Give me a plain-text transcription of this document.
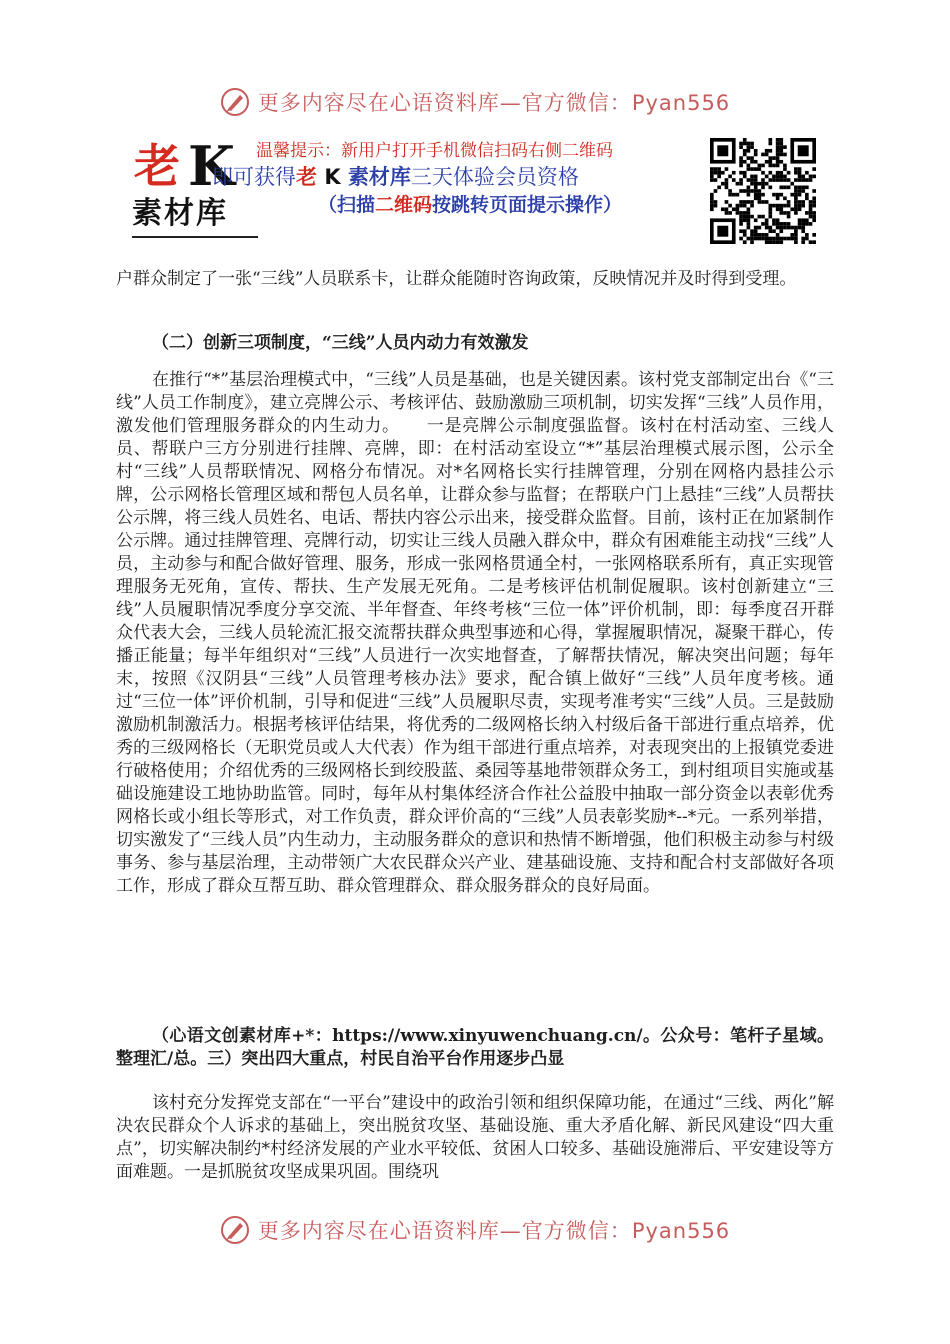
更多内容尽在心语资料库—官方微信：Pyan556
老 K
素材库
温馨提示：新用户打开手机微信扫码右侧二维码
即可获得老 K 素材库三天体验会员资格
（扫描二维码按跳转页面提示操作）
户群众制定了一张“三线”人员联系卡，让群众能随时咨询政策，反映情况并及时得到受理。
（二）创新三项制度，“三线”人员内动力有效激发
在推行“*”基层治理模式中，“三线”人员是基础，也是关键因素。该村党支部制定出台《“三线”人员工作制度》，建立亮牌公示、考核评估、鼓励激励三项机制，切实发挥“三线”人员作用，激发他们管理服务群众的内生动力。　　一是亮牌公示制度强监督。该村在村活动室、三线人员、帮联户三方分别进行挂牌、亮牌，即：在村活动室设立“*”基层治理模式展示图，公示全村“三线”人员帮联情况、网格分布情况。对*名网格长实行挂牌管理，分别在网格内悬挂公示牌，公示网格长管理区域和帮包人员名单，让群众参与监督；在帮联户门上悬挂“三线”人员帮扶公示牌，将三线人员姓名、电话、帮扶内容公示出来，接受群众监督。目前，该村正在加紧制作公示牌。通过挂牌管理、亮牌行动，切实让三线人员融入群众中，群众有困难能主动找“三线”人员，主动参与和配合做好管理、服务，形成一张网格贯通全村，一张网格联系所有，真正实现管理服务无死角，宣传、帮扶、生产发展无死角。二是考核评估机制促履职。该村创新建立“三线”人员履职情况季度分享交流、半年督查、年终考核“三位一体”评价机制，即：每季度召开群众代表大会，三线人员轮流汇报交流帮扶群众典型事迹和心得，掌握履职情况，凝聚干群心，传播正能量；每半年组织对“三线”人员进行一次实地督查，了解帮扶情况，解决突出问题；每年末，按照《汉阴县“三线”人员管理考核办法》要求，配合镇上做好“三线”人员年度考核。通过“三位一体”评价机制，引导和促进“三线”人员履职尽责，实现考准考实“三线”人员。三是鼓励激励机制激活力。根据考核评估结果，将优秀的二级网格长纳入村级后备干部进行重点培养，优秀的三级网格长（无职党员或人大代表）作为组干部进行重点培养，对表现突出的上报镇党委进行破格使用；介绍优秀的三级网格长到绞股蓝、桑园等基地带领群众务工，到村组项目实施或基础设施建设工地协助监管。同时，每年从村集体经济合作社公益股中抽取一部分资金以表彰优秀网格长或小组长等形式，对工作负责，群众评价高的“三线”人员表彰奖励*--*元。一系列举措，切实激发了“三线人员”内生动力，主动服务群众的意识和热情不断增强，他们积极主动参与村级事务、参与基层治理，主动带领广大农民群众兴产业、建基础设施、支持和配合村支部做好各项工作，形成了群众互帮互助、群众管理群众、群众服务群众的良好局面。
（心语文创素材库+*：https://www.xinyuwenchuang.cn/。公众号：笔杆子星域。整理汇/总。三）突出四大重点，村民自治平台作用逐步凸显
该村充分发挥党支部在“一平台”建设中的政治引领和组织保障功能，在通过“三线、两化”解决农民群众个人诉求的基础上，突出脱贫攻坚、基础设施、重大矛盾化解、新民风建设“四大重点”，切实解决制约*村经济发展的产业水平较低、贫困人口较多、基础设施滞后、平安建设等方面难题。一是抓脱贫攻坚成果巩固。围绕巩
更多内容尽在心语资料库—官方微信：Pyan556
